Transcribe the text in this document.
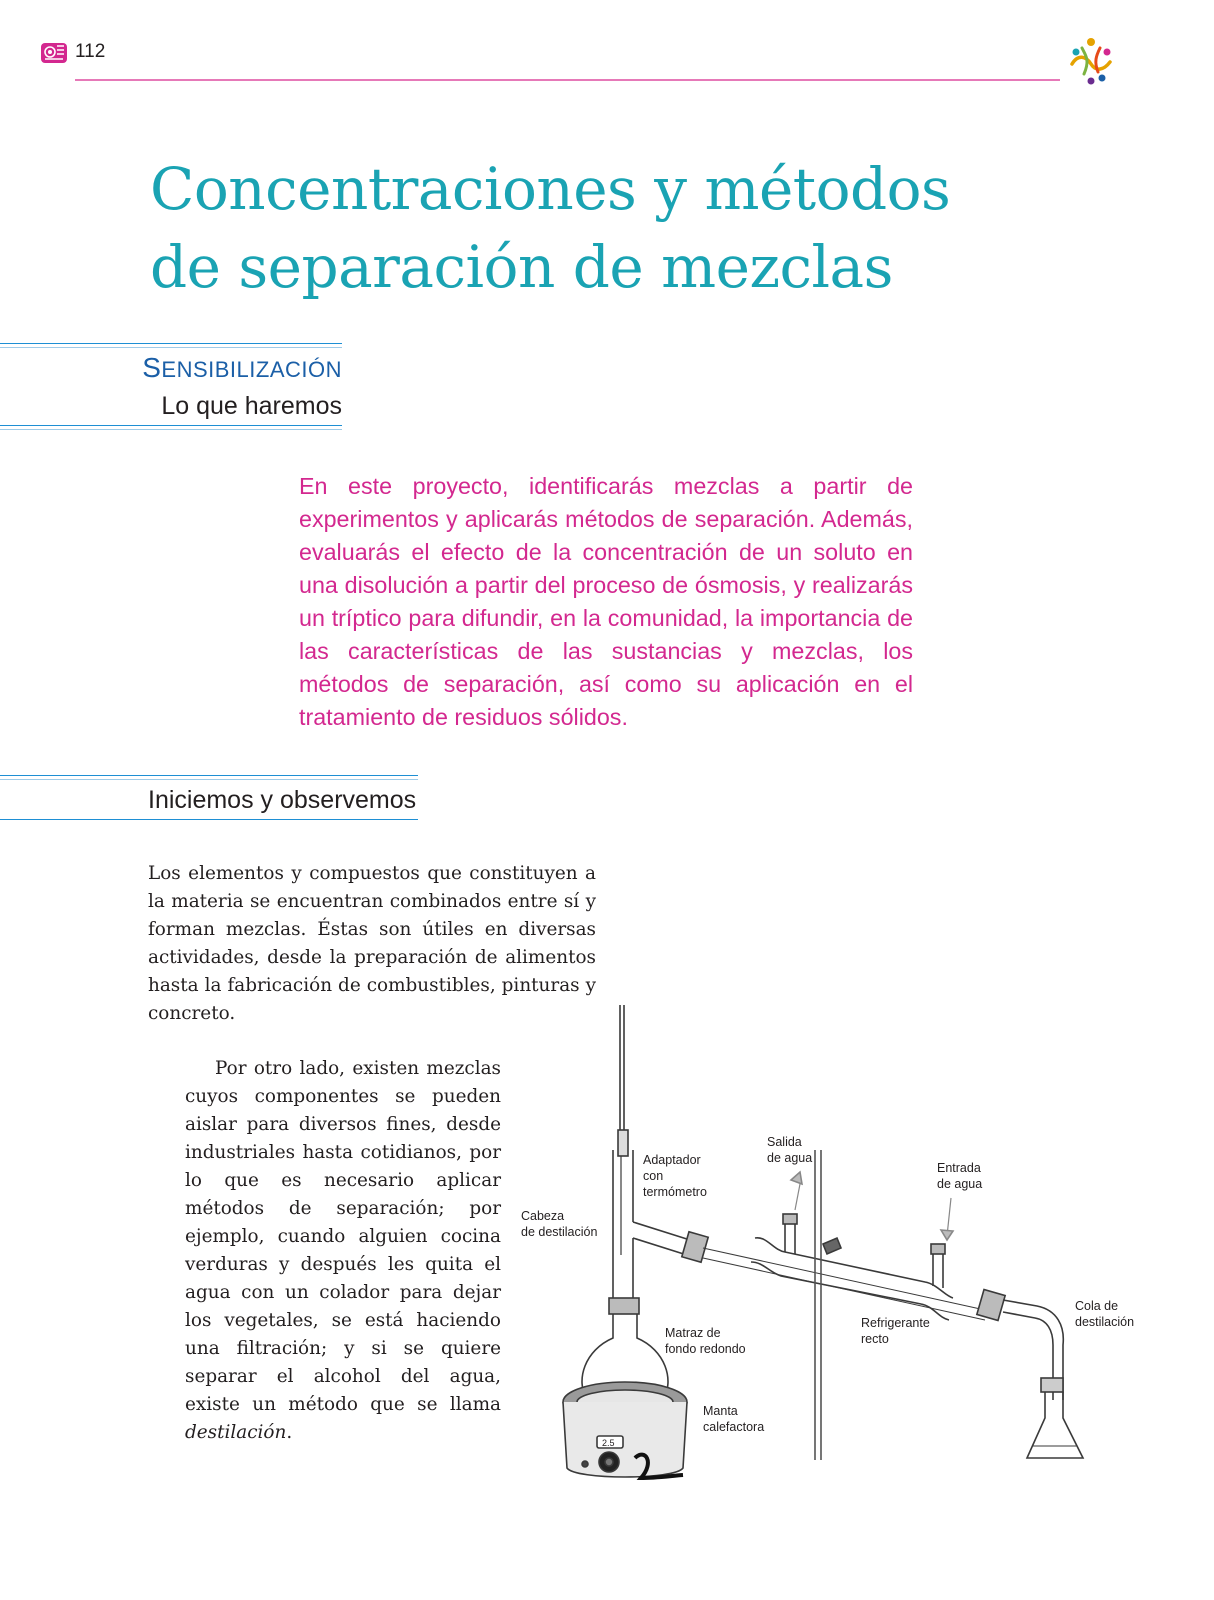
112
Concentraciones y métodos
de separación de mezclas
SENSIBILIZACIÓN
Lo que haremos

En este proyecto, identificarás mezclas a partir de experimentos y aplicarás métodos de separación. Además, evaluarás el efecto de la concentración de un soluto en una disolución a partir del proceso de ósmosis, y realizarás un tríptico para difundir, en la comunidad, la importancia de las características de las sustancias y mezclas, los métodos de separación, así como su aplicación en el tratamiento de residuos sólidos.

Iniciemos y observemos

Los elementos y compuestos que constituyen a la materia se encuentran combinados entre sí y forman mezclas. Éstas son útiles en diversas actividades, desde la preparación de alimentos hasta la fabricación de combustibles, pinturas y concreto.

Por otro lado, existen mezclas cuyos componentes se pueden aislar para diversos fines, desde industriales hasta cotidianos, por lo que es necesario aplicar métodos de separación; por ejemplo, cuando alguien cocina verduras y después les quita el agua con un colador para dejar los vegetales, se está haciendo una filtración; y si se quiere separar el alcohol del agua, existe un método que se llama destilación.

Adaptador
con
termómetro
Salida
de agua
Entrada
de agua
Cabeza
de destilación
Matraz de
fondo redondo
Refrigerante
recto
Cola de
destilación
Manta
calefactora
2.5
